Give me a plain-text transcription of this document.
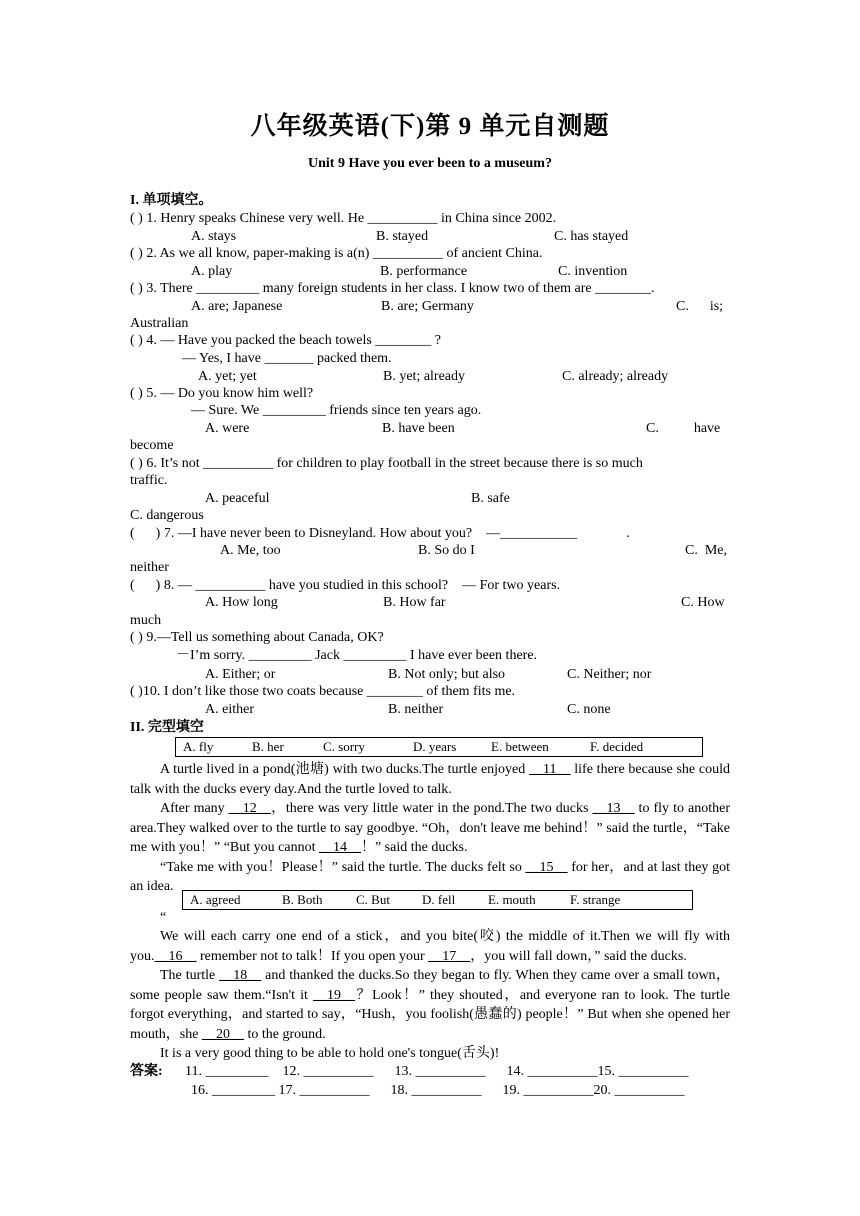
八年级英语(下)第 9 单元自测题
Unit 9 Have you ever been to a museum?
I. 单项填空。
( ) 1. Henry speaks Chinese very well. He __________ in China since 2002.
A. stays	B. stayed	C. has stayed
( ) 2. As we all know, paper-making is a(n) __________ of ancient China.
A. play	B. performance	C. invention
( ) 3. There _________ many foreign students in her class. I know two of them are ________.
A. are; Japanese	B. are; Germany	C.      is;
Australian
( ) 4. — Have you packed the beach towels ________ ?
— Yes, I have _______ packed them.
A. yet; yet	B. yet; already	C. already; already
( ) 5. — Do you know him well?
— Sure. We _________ friends since ten years ago.
A. were	B. have been	C.          have
become
( ) 6. It’s not __________ for children to play football in the street because there is so much
traffic.
A. peaceful	B. safe
C. dangerous
(      ) 7. —I have never been to Disneyland. How about you?    —___________              .
A. Me, too	B. So do I	C.  Me,
neither
(      ) 8. — __________ have you studied in this school?    — For two years.
A. How long	B. How far	C. How
much
( ) 9.—Tell us something about Canada, OK?
－I’m sorry. _________ Jack _________ I have ever been there.
A. Either; or	B. Not only; but also	C. Neither; nor
( )10. I don’t like those two coats because ________ of them fits me.
A. either	B. neither	C. none
II. 完型填空
A. fly	B. her	C. sorry	D. years	E. between	F. decided

A turtle lived in a pond(池塘) with two ducks.The turtle enjoyed __11__ life there because she could talk with the ducks every day.And the turtle loved to talk.

After many __12__，there was very little water in the pond.The two ducks __13__ to fly to another area.They walked over to the turtle to say goodbye. “Oh，don't leave me behind！” said the turtle，“Take me with you！” “But you cannot __14__！” said the ducks.

“Take me with you！Please！” said the turtle. The ducks felt so __15__ for her，and at last they got an idea.

A. agreed	B. Both	C. But D. fell	E. mouth	F. strange
“

We will each carry one end of a stick，and you bite(咬) the middle of it.Then we will fly with you.__16__ remember not to talk！If you open your __17__，you will fall down，” said the ducks.

The turtle __18__ and thanked the ducks.So they began to fly. When they came over a small town，some people saw them.“Isn't it __19__？Look！” they shouted，and everyone ran to look. The turtle forgot everything，and started to say，“Hush，you foolish(愚蠢的) people！” But when she opened her mouth，she __20__ to the ground.

It is a very good thing to be able to hold one's tongue(舌头)!

答案: 11. _________    12. __________      13. __________      14. __________15. __________
16. _________ 17. __________      18. __________      19. __________20. __________
